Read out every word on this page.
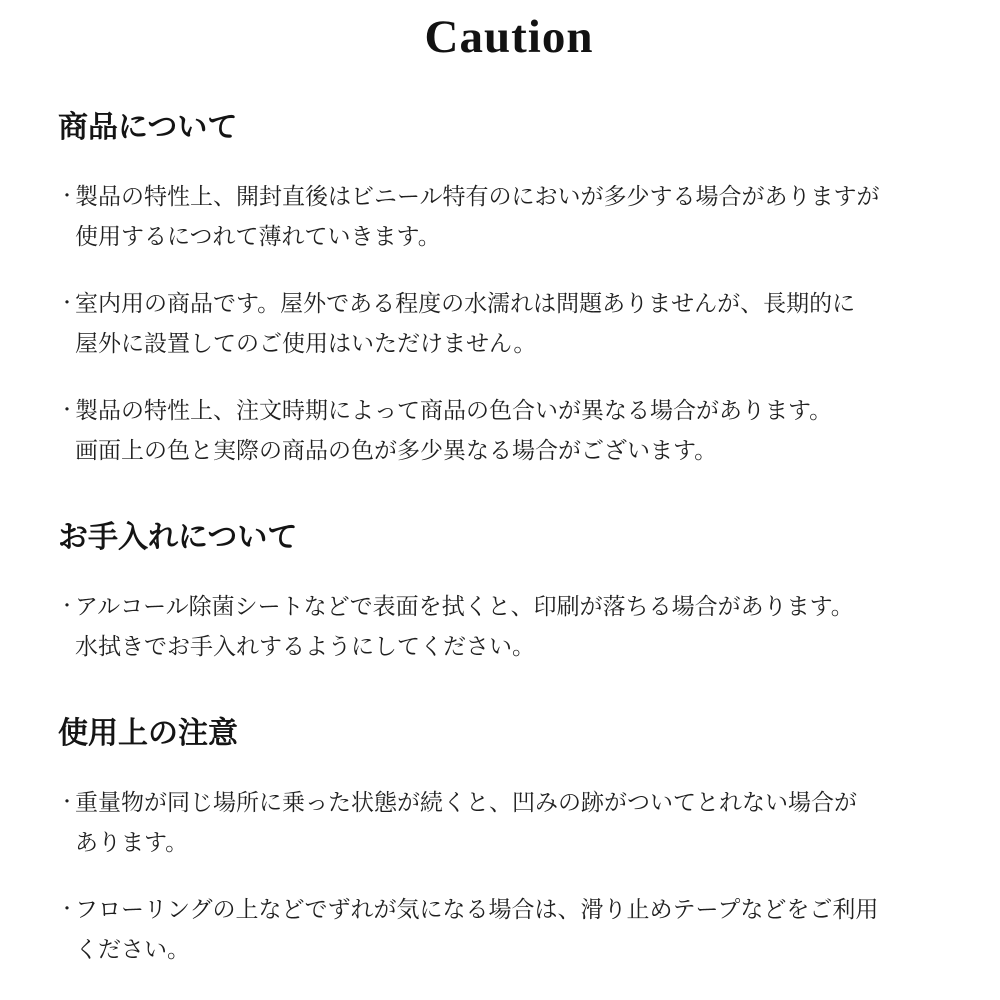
Caution
商品について
・ 製品の特性上、開封直後はビニール特有のにおいが多少する場合がありますが
使用するにつれて薄れていきます。
・ 室内用の商品です。屋外である程度の水濡れは問題ありませんが、長期的に
屋外に設置してのご使用はいただけません。
・ 製品の特性上、注文時期によって商品の色合いが異なる場合があります。
画面上の色と実際の商品の色が多少異なる場合がございます。
お手入れについて
・ アルコール除菌シートなどで表面を拭くと、印刷が落ちる場合があります。
水拭きでお手入れするようにしてください。
使用上の注意
・ 重量物が同じ場所に乗った状態が続くと、凹みの跡がついてとれない場合が
あります。
・ フローリングの上などでずれが気になる場合は、滑り止めテープなどをご利用
ください。
